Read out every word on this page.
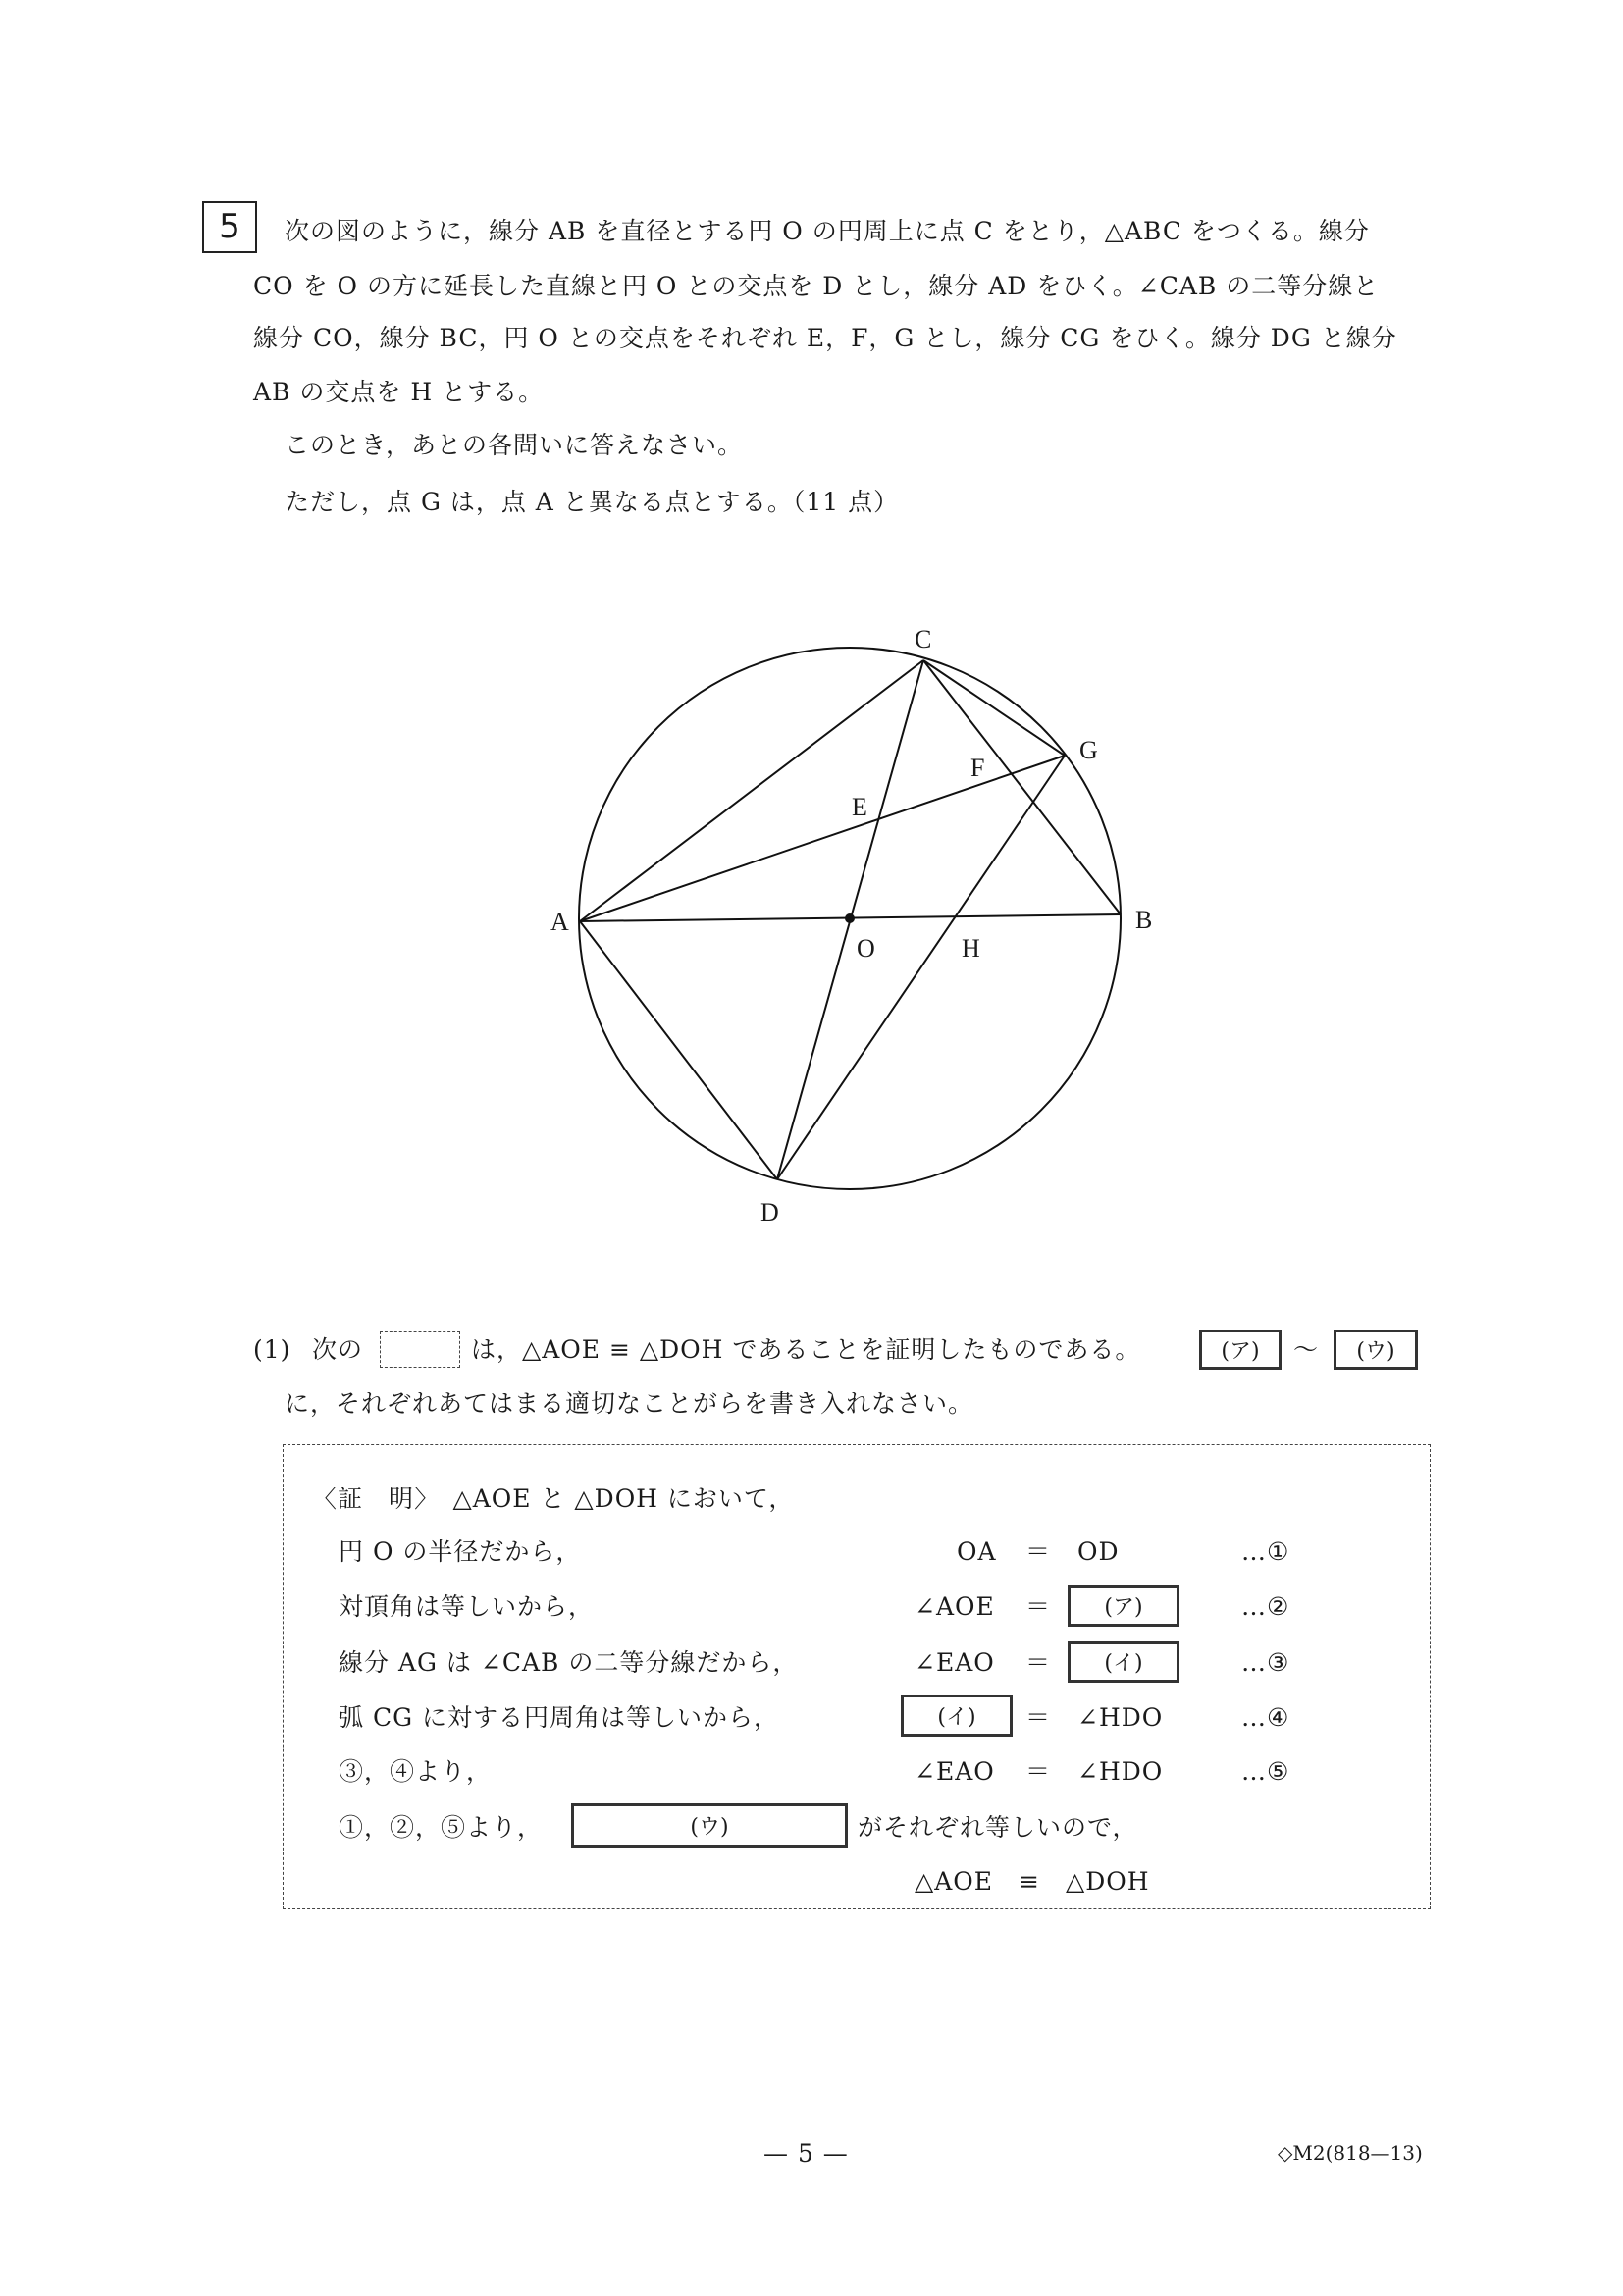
5	次の図のように，線分 AB を直径とする円 O の円周上に点 C をとり，△ABC をつくる。線分
CO を O の方に延長した直線と円 O との交点を D とし，線分 AD をひく。∠CAB の二等分線と
線分 CO，線分 BC，円 O との交点をそれぞれ E，F，G とし，線分 CG をひく。線分 DG と線分
AB の交点を H とする。
このとき，あとの各問いに答えなさい。
ただし，点 G は，点 A と異なる点とする。（11 点）
A	B
C
D
E
F
G
H
O
(1) 次の	は，△AOE ≡ △DOH であることを証明したものである。	(ア)	～	(ウ)
に，それぞれあてはまる適切なことがらを書き入れなさい。
〈証　明〉　△AOE と △DOH において，
円 O の半径だから，	OA ＝ OD	…①
対頂角は等しいから，	∠AOE ＝	(ア)	…②
線分 AG は ∠CAB の二等分線だから，	∠EAO ＝	(イ)	…③
弧 CG に対する円周角は等しいから，	(イ)	＝ ∠HDO	…④
③，④より，	∠EAO ＝ ∠HDO	…⑤
①，②，⑤より，	(ウ)	がそれぞれ等しいので，
△AOE　≡　△DOH
— 5 —	◇M2(818—13)
